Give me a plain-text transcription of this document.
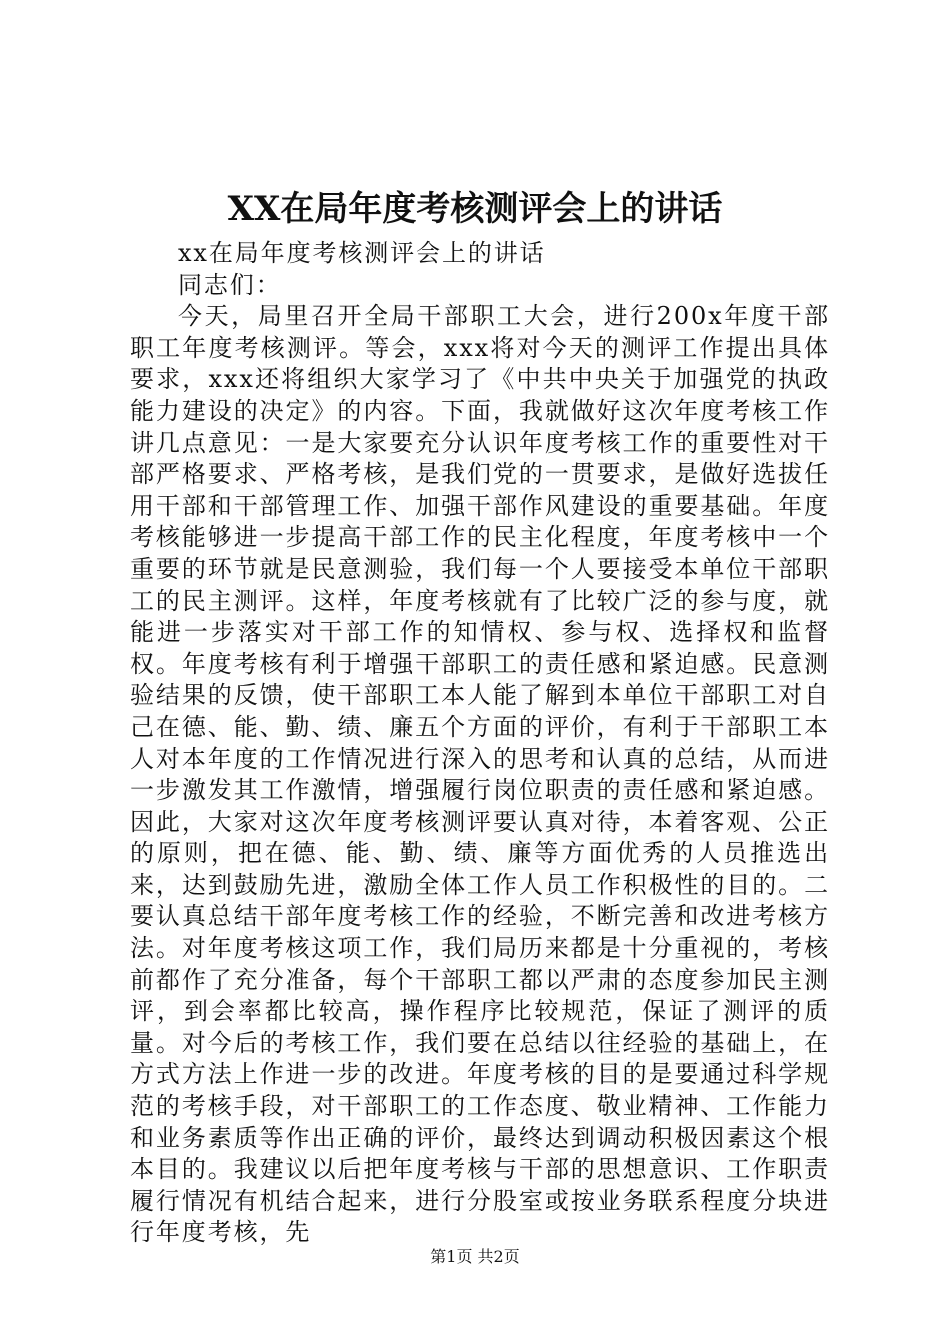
XX在局年度考核测评会上的讲话

xx在局年度考核测评会上的讲话

同志们：

今天，局里召开全局干部职工大会，进行200x年度干部职工年度考核测评。等会，xxx将对今天的测评工作提出具体要求，xxx还将组织大家学习了《中共中央关于加强党的执政能力建设的决定》的内容。下面，我就做好这次年度考核工作讲几点意见：一是大家要充分认识年度考核工作的重要性对干部严格要求、严格考核，是我们党的一贯要求，是做好选拔任用干部和干部管理工作、加强干部作风建设的重要基础。年度考核能够进一步提高干部工作的民主化程度，年度考核中一个重要的环节就是民意测验，我们每一个人要接受本单位干部职工的民主测评。这样，年度考核就有了比较广泛的参与度，就能进一步落实对干部工作的知情权、参与权、选择权和监督权。年度考核有利于增强干部职工的责任感和紧迫感。民意测验结果的反馈，使干部职工本人能了解到本单位干部职工对自己在德、能、勤、绩、廉五个方面的评价，有利于干部职工本人对本年度的工作情况进行深入的思考和认真的总结，从而进一步激发其工作激情，增强履行岗位职责的责任感和紧迫感。因此，大家对这次年度考核测评要认真对待，本着客观、公正的原则，把在德、能、勤、绩、廉等方面优秀的人员推选出来，达到鼓励先进，激励全体工作人员工作积极性的目的。二要认真总结干部年度考核工作的经验，不断完善和改进考核方法。对年度考核这项工作，我们局历来都是十分重视的，考核前都作了充分准备，每个干部职工都以严肃的态度参加民主测评，到会率都比较高，操作程序比较规范，保证了测评的质量。对今后的考核工作，我们要在总结以往经验的基础上，在方式方法上作进一步的改进。年度考核的目的是要通过科学规范的考核手段，对干部职工的工作态度、敬业精神、工作能力和业务素质等作出正确的评价，最终达到调动积极因素这个根本目的。我建议以后把年度考核与干部的思想意识、工作职责履行情况有机结合起来，进行分股室或按业务联系程度分块进行年度考核，先

第1页 共2页
